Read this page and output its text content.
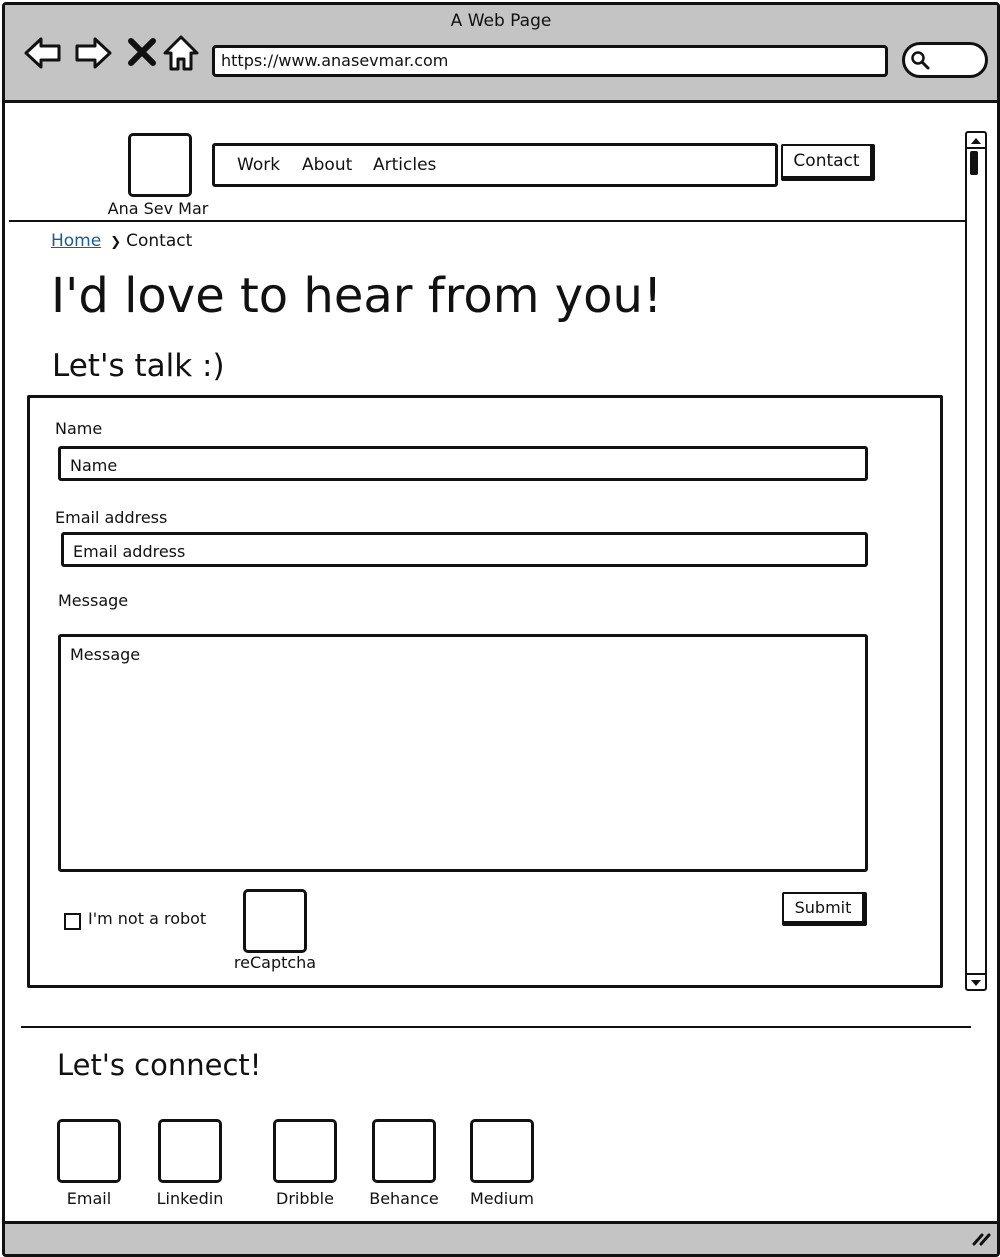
A Web Page
https://www.anasevmar.com
Ana Sev Mar
Work About Articles	Contact
Home ❯ Contact
I'd love to hear from you!
Let's talk :)
Name
Name
Email address
Email address
Message
Message
I'm not a robot
reCaptcha
Submit
Let's connect!
Email	Linkedin	Dribble	Behance	Medium
